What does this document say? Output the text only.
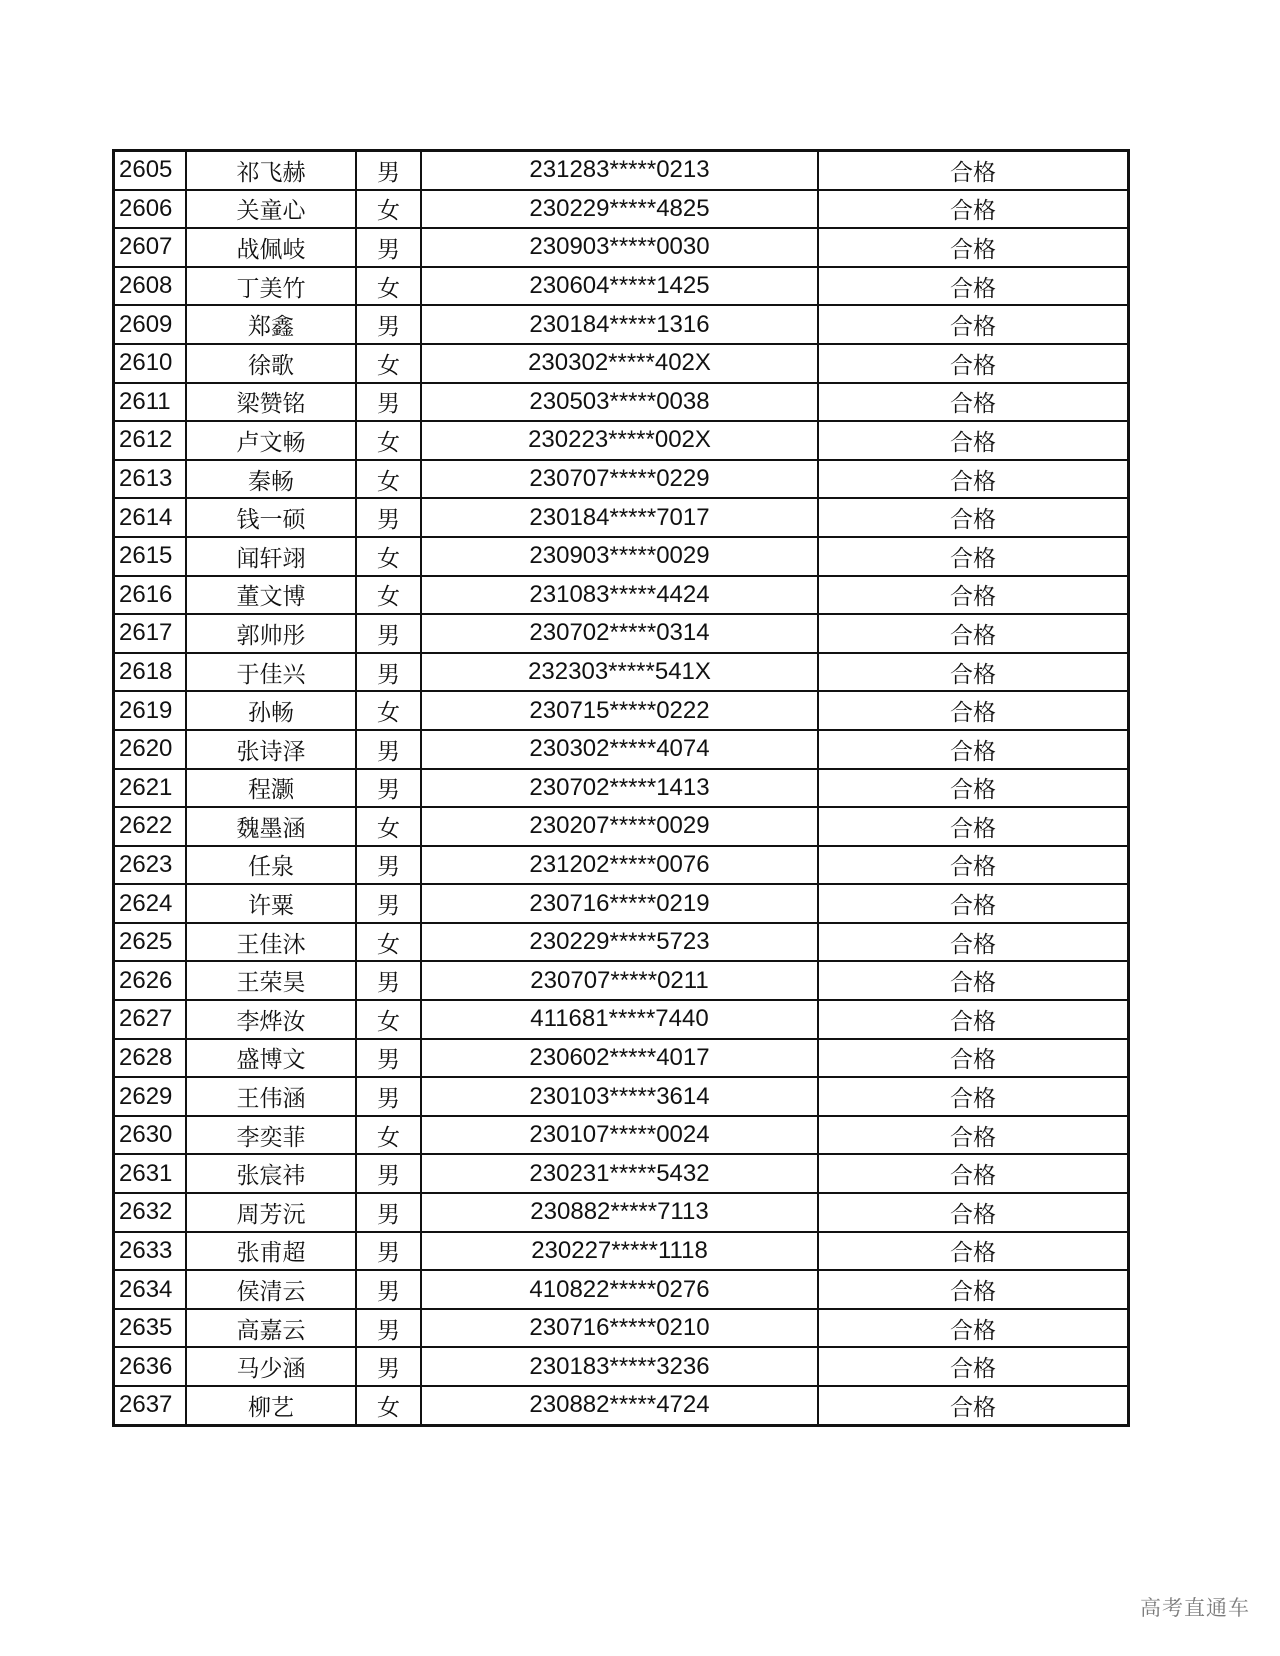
2605	祁飞赫	男	231283*****0213	合格
2606	关童心	女	230229*****4825	合格
2607	战佩岐	男	230903*****0030	合格
2608	丁美竹	女	230604*****1425	合格
2609	郑鑫	男	230184*****1316	合格
2610	徐歌	女	230302*****402X	合格
2611	梁赞铭	男	230503*****0038	合格
2612	卢文畅	女	230223*****002X	合格
2613	秦畅	女	230707*****0229	合格
2614	钱一硕	男	230184*****7017	合格
2615	闻轩翊	女	230903*****0029	合格
2616	董文博	女	231083*****4424	合格
2617	郭帅彤	男	230702*****0314	合格
2618	于佳兴	男	232303*****541X	合格
2619	孙畅	女	230715*****0222	合格
2620	张诗泽	男	230302*****4074	合格
2621	程灏	男	230702*****1413	合格
2622	魏墨涵	女	230207*****0029	合格
2623	任泉	男	231202*****0076	合格
2624	许粟	男	230716*****0219	合格
2625	王佳沐	女	230229*****5723	合格
2626	王荣昊	男	230707*****0211	合格
2627	李烨汝	女	411681*****7440	合格
2628	盛博文	男	230602*****4017	合格
2629	王伟涵	男	230103*****3614	合格
2630	李奕菲	女	230107*****0024	合格
2631	张宸祎	男	230231*****5432	合格
2632	周芳沅	男	230882*****7113	合格
2633	张甫超	男	230227*****1118	合格
2634	侯清云	男	410822*****0276	合格
2635	高嘉云	男	230716*****0210	合格
2636	马少涵	男	230183*****3236	合格
2637	柳艺	女	230882*****4724	合格
高考直通车
